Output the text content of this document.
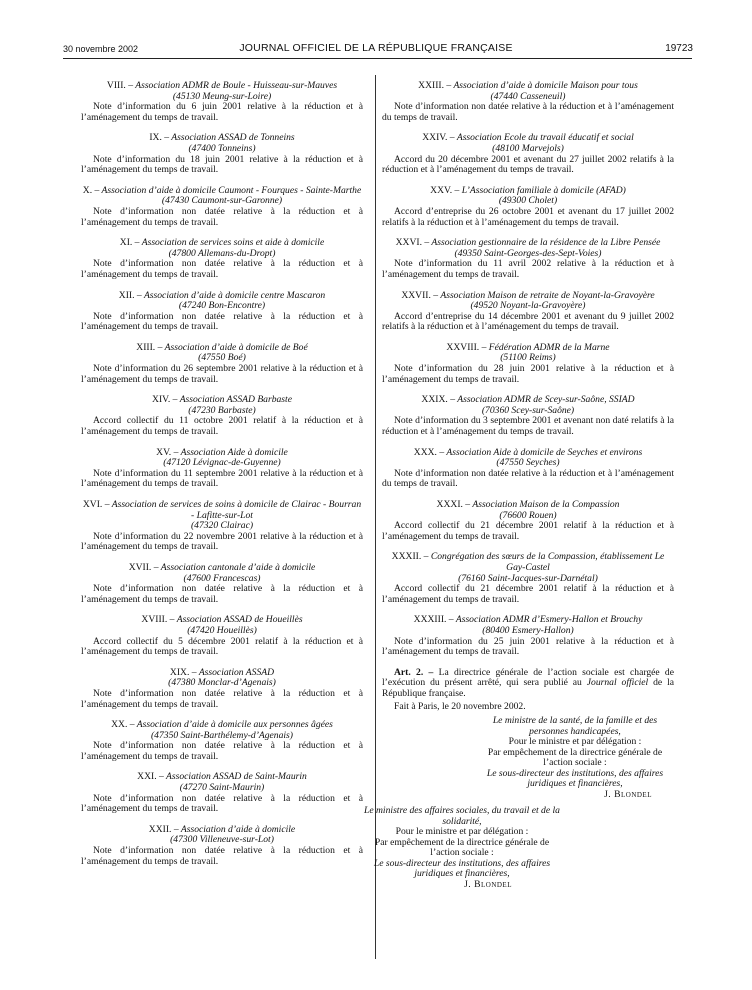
30 novembre 2002	JOURNAL OFFICIEL DE LA RÉPUBLIQUE FRANÇAISE	19723
VIII. – Association ADMR de Boule - Huisseau-sur-Mauves
(45130 Meung-sur-Loire)
Note d’information du 6 juin 2001 relative à la réduction et à l’aménagement du temps de travail.
IX. – Association ASSAD de Tonneins
(47400 Tonneins)
Note d’information du 18 juin 2001 relative à la réduction et à l’aménagement du temps de travail.
X. – Association d’aide à domicile Caumont - Fourques - Sainte-Marthe
(47430 Caumont-sur-Garonne)
Note d’information non datée relative à la réduction et à l’aménagement du temps de travail.
XI. – Association de services soins et aide à domicile
(47800 Allemans-du-Dropt)
Note d’information non datée relative à la réduction et à l’aménagement du temps de travail.
XII. – Association d’aide à domicile centre Mascaron
(47240 Bon-Encontre)
Note d’information non datée relative à la réduction et à l’aménagement du temps de travail.
XIII. – Association d’aide à domicile de Boé
(47550 Boé)
Note d’information du 26 septembre 2001 relative à la réduction et à l’aménagement du temps de travail.
XIV. – Association ASSAD Barbaste
(47230 Barbaste)
Accord collectif du 11 octobre 2001 relatif à la réduction et à l’aménagement du temps de travail.
XV. – Association Aide à domicile
(47120 Lévignac-de-Guyenne)
Note d’information du 11 septembre 2001 relative à la réduction et à l’aménagement du temps de travail.
XVI. – Association de services de soins à domicile de Clairac - Bourran - Lafitte-sur-Lot
(47320 Clairac)
Note d’information du 22 novembre 2001 relative à la réduction et à l’aménagement du temps de travail.
XVII. – Association cantonale d’aide à domicile
(47600 Francescas)
Note d’information non datée relative à la réduction et à l’aménagement du temps de travail.
XVIII. – Association ASSAD de Houeillès
(47420 Houeillès)
Accord collectif du 5 décembre 2001 relatif à la réduction et à l’aménagement du temps de travail.
XIX. – Association ASSAD
(47380 Monclar-d’Agenais)
Note d’information non datée relative à la réduction et à l’aménagement du temps de travail.
XX. – Association d’aide à domicile aux personnes âgées
(47350 Saint-Barthélemy-d’Agenais)
Note d’information non datée relative à la réduction et à l’aménagement du temps de travail.
XXI. – Association ASSAD de Saint-Maurin
(47270 Saint-Maurin)
Note d’information non datée relative à la réduction et à l’aménagement du temps de travail.
XXII. – Association d’aide à domicile
(47300 Villeneuve-sur-Lot)
Note d’information non datée relative à la réduction et à l’aménagement du temps de travail.
XXIII. – Association d’aide à domicile Maison pour tous
(47440 Casseneuil)
Note d’information non datée relative à la réduction et à l’aménagement du temps de travail.
XXIV. – Association Ecole du travail éducatif et social
(48100 Marvejols)
Accord du 20 décembre 2001 et avenant du 27 juillet 2002 relatifs à la réduction et à l’aménagement du temps de travail.
XXV. – L’Association familiale à domicile (AFAD)
(49300 Cholet)
Accord d’entreprise du 26 octobre 2001 et avenant du 17 juillet 2002 relatifs à la réduction et à l’aménagement du temps de travail.
XXVI. – Association gestionnaire de la résidence de la Libre Pensée
(49350 Saint-Georges-des-Sept-Voies)
Note d’information du 11 avril 2002 relative à la réduction et à l’aménagement du temps de travail.
XXVII. – Association Maison de retraite de Noyant-la-Gravoyère
(49520 Noyant-la-Gravoyère)
Accord d’entreprise du 14 décembre 2001 et avenant du 9 juillet 2002 relatifs à la réduction et à l’aménagement du temps de travail.
XXVIII. – Fédération ADMR de la Marne
(51100 Reims)
Note d’information du 28 juin 2001 relative à la réduction et à l’aménagement du temps de travail.
XXIX. – Association ADMR de Scey-sur-Saône, SSIAD
(70360 Scey-sur-Saône)
Note d’information du 3 septembre 2001 et avenant non daté relatifs à la réduction et à l’aménagement du temps de travail.
XXX. – Association Aide à domicile de Seyches et environs
(47550 Seyches)
Note d’information non datée relative à la réduction et à l’aménagement du temps de travail.
XXXI. – Association Maison de la Compassion
(76600 Rouen)
Accord collectif du 21 décembre 2001 relatif à la réduction et à l’aménagement du temps de travail.
XXXII. – Congrégation des sœurs de la Compassion, établissement Le Gay-Castel
(76160 Saint-Jacques-sur-Darnétal)
Accord collectif du 21 décembre 2001 relatif à la réduction et à l’aménagement du temps de travail.
XXXIII. – Association ADMR d’Esmery-Hallon et Brouchy
(80400 Esmery-Hallon)
Note d’information du 25 juin 2001 relative à la réduction et à l’aménagement du temps de travail.
Art. 2. – La directrice générale de l’action sociale est chargée de l’exécution du présent arrêté, qui sera publié au Journal officiel de la République française.
Fait à Paris, le 20 novembre 2002.
Le ministre de la santé, de la famille et des personnes handicapées,
Pour le ministre et par délégation :
Par empêchement de la directrice générale de l’action sociale :
Le sous-directeur des institutions, des affaires juridiques et financières,
J. Blondel
Le ministre des affaires sociales, du travail et de la solidarité,
Pour le ministre et par délégation :
Par empêchement de la directrice générale de l’action sociale :
Le sous-directeur des institutions, des affaires juridiques et financières,
J. Blondel
